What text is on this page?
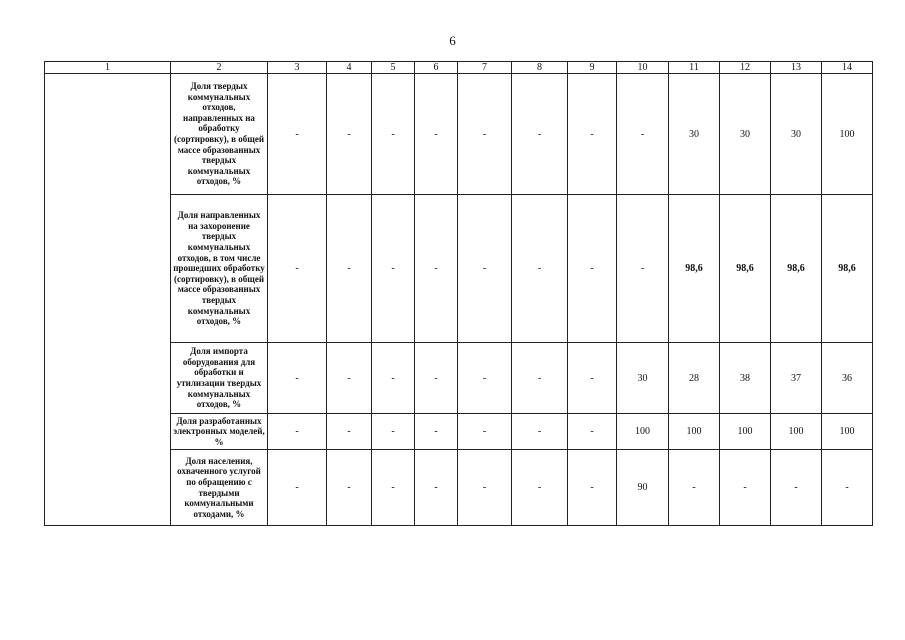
6
1	2	3	4	5	6	7	8	9	10	11	12	13	14
	Доля твердых коммунальных отходов, направленных на обработку (сортировку), в общей массе образованных твердых коммунальных отходов, %	-	-	-	-	-	-	-	-	30	30	30	100
	Доля направленных на захоронение твердых коммунальных отходов, в том числе прошедших обработку (сортировку), в общей массе образованных твердых коммунальных отходов, %	-	-	-	-	-	-	-	-	98,6	98,6	98,6	98,6
	Доля импорта оборудования для обработки и утилизации твердых коммунальных отходов, %	-	-	-	-	-	-	-	30	28	38	37	36
	Доля разработанных электронных моделей, %	-	-	-	-	-	-	-	100	100	100	100	100
	Доля населения, охваченного услугой по обращению с твердыми коммунальными отходами, %	-	-	-	-	-	-	-	90	-	-	-	-
